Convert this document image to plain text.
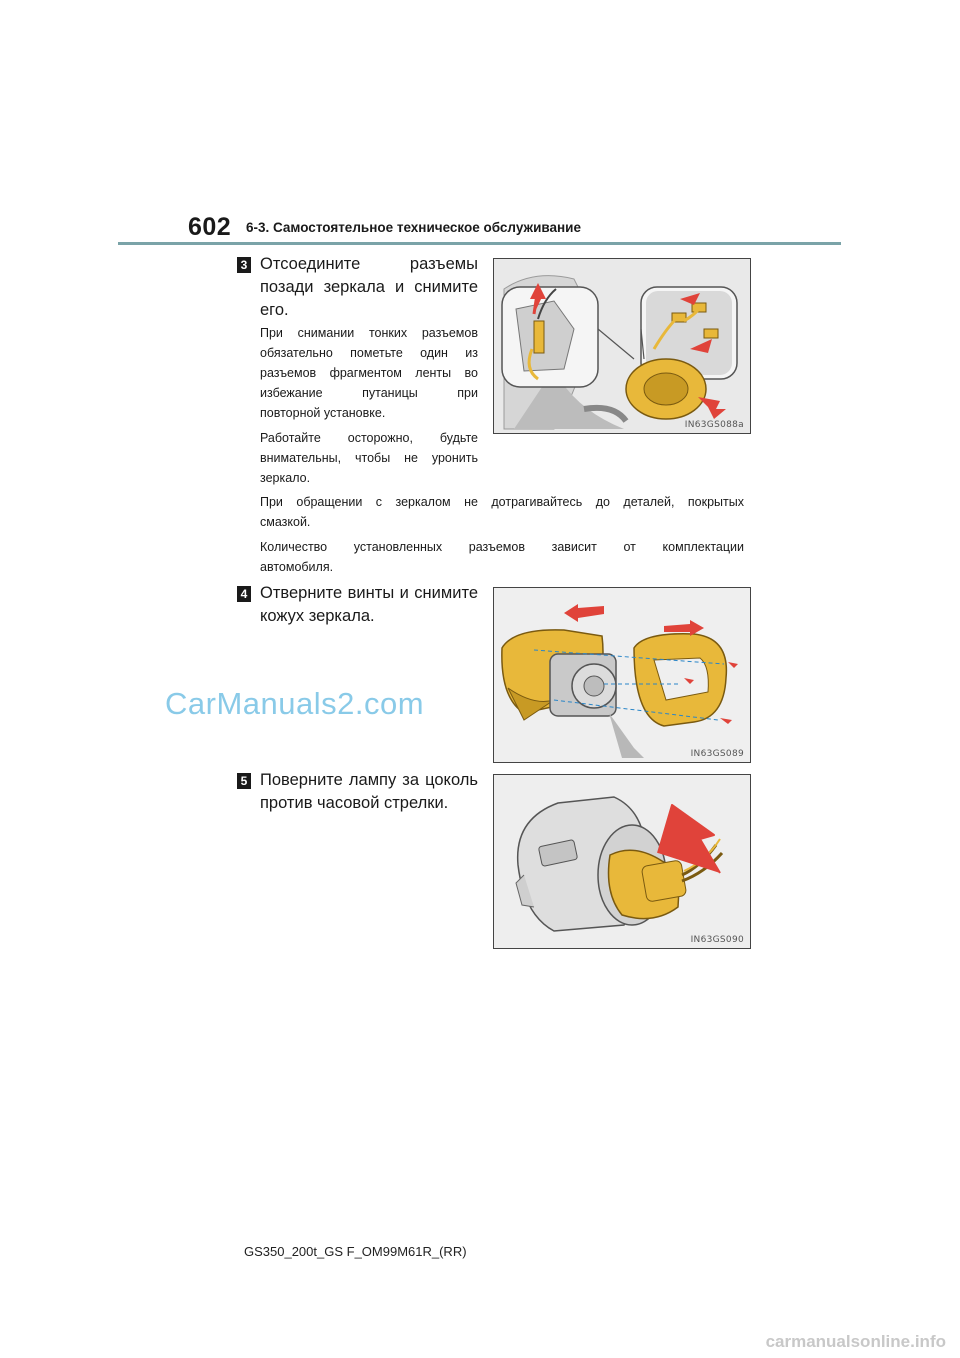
602 6-3. Самостоятельное техническое обслуживание
3 Отсоедините разъемы
позади зеркала и снимите
его.
При снимании тонких разъемов
обязательно пометьте один из
разъемов фрагментом ленты во
избежание путаницы при
повторной установке.
Работайте осторожно, будьте
внимательны, чтобы не уронить
зеркало.
При обращении с зеркалом не дотрагивайтесь до деталей, покрытых
смазкой.
Количество установленных разъемов зависит от комплектации
автомобиля.
IN63GS088a
4 Отверните винты и снимите
кожух зеркала.
IN63GS089
CarManuals2.com
5 Поверните лампу за цоколь
против часовой стрелки.
IN63GS090
GS350_200t_GS F_OM99M61R_(RR)
carmanualsonline.info
